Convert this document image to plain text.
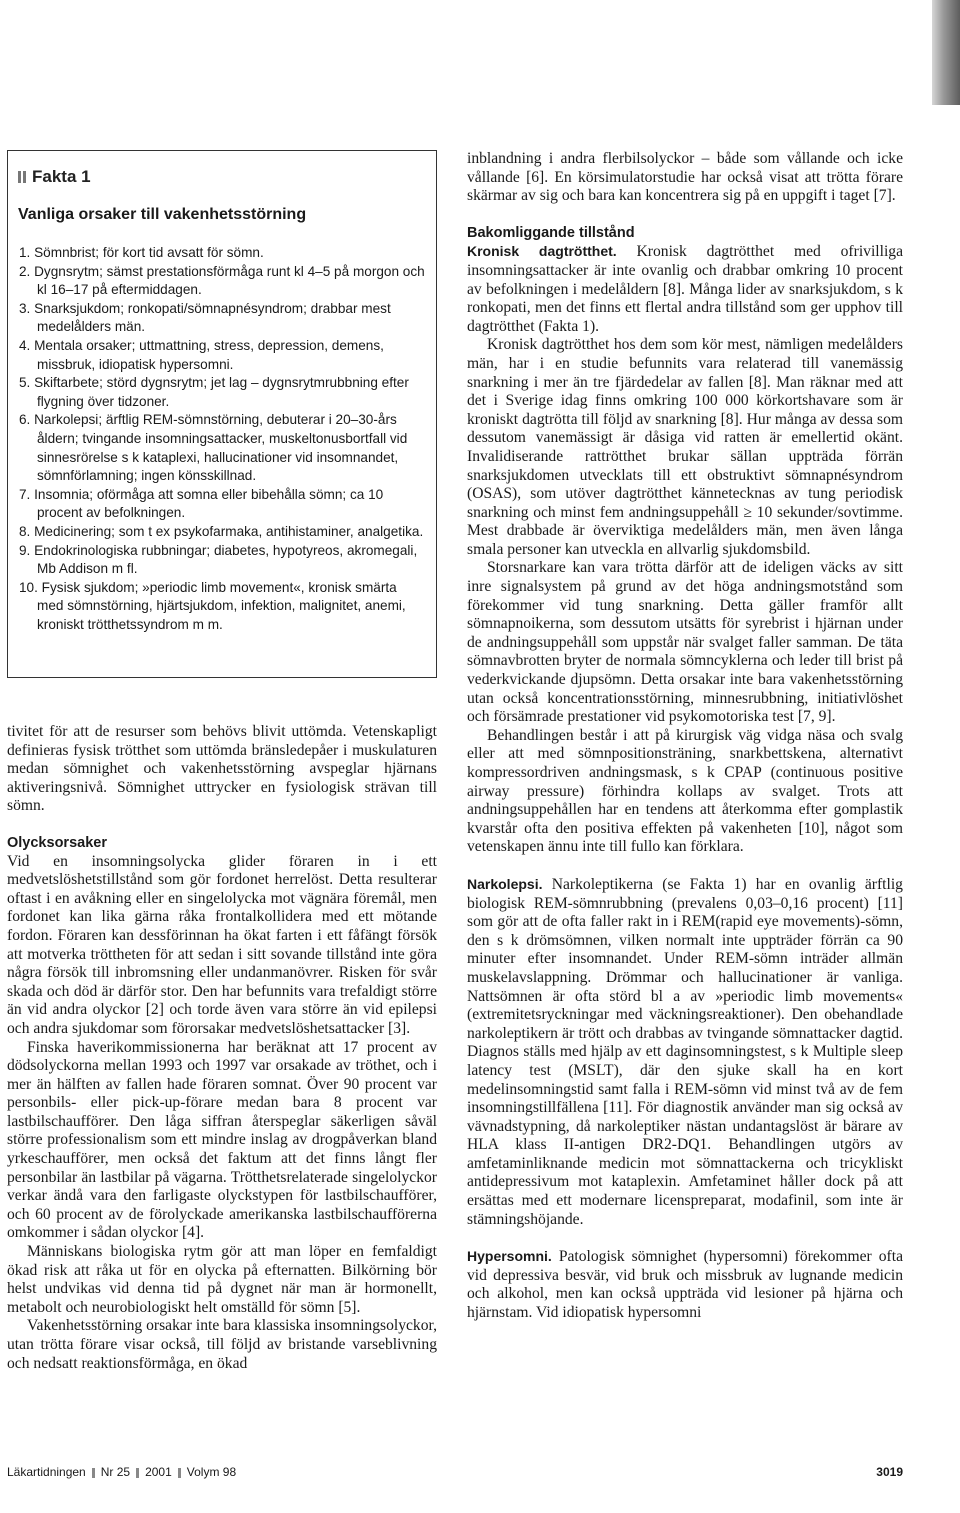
Fakta 1
Vanliga orsaker till vakenhetsstörning
1. Sömnbrist; för kort tid avsatt för sömn.
2. Dygnsrytm; sämst prestationsförmåga runt kl 4–5 på morgon och kl 16–17 på eftermiddagen.
3. Snarksjukdom; ronkopati/sömnapnésyndrom; drabbar mest medelålders män.
4. Mentala orsaker; uttmattning, stress, depression, demens, missbruk, idiopatisk hypersomni.
5. Skiftarbete; störd dygnsrytm; jet lag – dygnsrytmrubbning efter flygning över tidzoner.
6. Narkolepsi; ärftlig REM-sömnstörning, debuterar i 20–30-års åldern; tvingande insomningsattacker, muskeltonusbortfall vid sinnesrörelse s k kataplexi, hallucinationer vid insomnandet, sömnförlamning; ingen könsskillnad.
7. Insomnia; oförmåga att somna eller bibehålla sömn; ca 10 procent av befolkningen.
8. Medicinering; som t ex psykofarmaka, antihistaminer, analgetika.
9. Endokrinologiska rubbningar; diabetes, hypotyreos, akromegali, Mb Addison m fl.
10. Fysisk sjukdom; »periodic limb movement«, kronisk smärta med sömnstörning, hjärtsjukdom, infektion, malignitet, anemi, kroniskt trötthetssyndrom m m.

tivitet för att de resurser som behövs blivit uttömda. Vetenskapligt definieras fysisk trötthet som uttömda bränsledepåer i muskulaturen medan sömnighet och vakenhetsstörning avspeglar hjärnans aktiveringsnivå. Sömnighet uttrycker en fysiologisk strävan till sömn.

Olycksorsaker

Vid en insomningsolycka glider föraren in i ett medvetslöshetstillstånd som gör fordonet herrelöst. Detta resulterar oftast i en avåkning eller en singelolycka mot vägnära föremål, men fordonet kan lika gärna råka frontalkollidera med ett mötande fordon. Föraren kan dessförinnan ha ökat farten i ett fåfängt försök att motverka tröttheten för att sedan i sitt sovande tillstånd inte göra några försök till inbromsning eller undanmanövrer. Risken för svår skada och död är därför stor. Den har befunnits vara trefaldigt större än vid andra olyckor [2] och torde även vara större än vid epilepsi och andra sjukdomar som förorsakar medvetslöshetsattacker [3].

Finska haverikommissionerna har beräknat att 17 procent av dödsolyckorna mellan 1993 och 1997 var orsakade av tröthet, och i mer än hälften av fallen hade föraren somnat. Över 90 procent var personbils- eller pick-up-förare medan bara 8 procent var lastbilschaufförer. Den låga siffran återspeglar säkerligen såväl större professionalism som ett mindre inslag av drogpåverkan bland yrkeschaufförer, men också det faktum att det finns långt fler personbilar än lastbilar på vägarna. Trötthetsrelaterade singelolyckor verkar ändå vara den farligaste olyckstypen för lastbilschaufförer, och 60 procent av de förolyckade amerikanska lastbilschaufförerna omkommer i sådan olyckor [4].

Människans biologiska rytm gör att man löper en femfaldigt ökad risk att råka ut för en olycka på efternatten. Bilkörning bör helst undvikas vid denna tid på dygnet när man är hormonellt, metabolt och neurobiologiskt helt omställd för sömn [5].

Vakenhetsstörning orsakar inte bara klassiska insomningsolyckor, utan trötta förare visar också, till följd av bristande varseblivning och nedsatt reaktionsförmåga, en ökad

inblandning i andra flerbilsolyckor – både som vållande och icke vållande [6]. En körsimulatorstudie har också visat att trötta förare skärmar av sig och bara kan koncentrera sig på en uppgift i taget [7].

Bakomliggande tillstånd

Kronisk dagtrötthet. Kronisk dagtrötthet med ofrivilliga insomningsattacker är inte ovanlig och drabbar omkring 10 procent av befolkningen i medelåldern [8]. Många lider av snarksjukdom, s k ronkopati, men det finns ett flertal andra tillstånd som ger upphov till dagtrötthet (Fakta 1).

Kronisk dagtrötthet hos dem som kör mest, nämligen medelålders män, har i en studie befunnits vara relaterad till vanemässig snarkning i mer än tre fjärdedelar av fallen [8]. Man räknar med att det i Sverige idag finns omkring 100 000 körkortshavare som är kroniskt dagtrötta till följd av snarkning [8]. Hur många av dessa som dessutom vanemässigt är dåsiga vid ratten är emellertid okänt. Invalidiserande rattrötthet brukar sällan uppträda förrän snarksjukdomen utvecklats till ett obstruktivt sömnapnésyndrom (OSAS), som utöver dagtrötthet kännetecknas av tung periodisk snarkning och minst fem andningsuppehåll ≥ 10 sekunder/sovtimme. Mest drabbade är överviktiga medelålders män, men även långa smala personer kan utveckla en allvarlig sjukdomsbild.

Storsnarkare kan vara trötta därför att de ideligen väcks av sitt inre signalsystem på grund av det höga andningsmotstånd som förekommer vid tung snarkning. Detta gäller framför allt sömnapnoikerna, som dessutom utsätts för syrebrist i hjärnan under de andningsuppehåll som uppstår när svalget faller samman. De täta sömnavbrotten bryter de normala sömncyklerna och leder till brist på vederkvickande djupsömn. Detta orsakar inte bara vakenhetsstörning utan också koncentrationsstörning, minnesrubbning, initiativlöshet och försämrade prestationer vid psykomotoriska test [7, 9].

Behandlingen består i att på kirurgisk väg vidga näsa och svalg eller att med sömnpositionsträning, snarkbettskena, alternativt kompressordriven andningsmask, s k CPAP (continuous positive airway pressure) förhindra kollaps av svalget. Trots att andningsuppehållen har en tendens att återkomma efter gomplastik kvarstår ofta den positiva effekten på vakenheten [10], något som vetenskapen ännu inte till fullo kan förklara.

Narkolepsi. Narkoleptikerna (se Fakta 1) har en ovanlig ärftlig biologisk REM-sömnrubbning (prevalens 0,03–0,16 procent) [11] som gör att de ofta faller rakt in i REM(rapid eye movements)-sömn, den s k drömsömnen, vilken normalt inte uppträder förrän ca 90 minuter efter insomnandet. Under REM-sömn inträder allmän muskelavslappning. Drömmar och hallucinationer är vanliga. Nattsömnen är ofta störd bl a av »periodic limb movements« (extremitetsryckningar med väckningsreaktioner). Den obehandlade narkoleptikern är trött och drabbas av tvingande sömnattacker dagtid. Diagnos ställs med hjälp av ett daginsomningstest, s k Multiple sleep latency test (MSLT), där den sjuke skall ha en kort medelinsomningstid samt falla i REM-sömn vid minst två av de fem insomningstillfällena [11]. För diagnostik använder man sig också av vävnadstypning, då narkoleptiker nästan undantagslöst är bärare av HLA klass II-antigen DR2-DQ1. Behandlingen utgörs av amfetaminliknande medicin mot sömnattackerna och tricykliskt antidepressivum mot kataplexin. Amfetaminet håller dock på att ersättas med ett modernare licenspreparat, modafinil, som inte är stämningshöjande.

Hypersomni. Patologisk sömnighet (hypersomni) förekommer ofta vid depressiva besvär, vid bruk och missbruk av lugnande medicin och alkohol, men kan också uppträda vid lesioner på hjärna och hjärnstam. Vid idiopatisk hypersomni

Läkartidningen Nr 25 2001 Volym 98	3019
